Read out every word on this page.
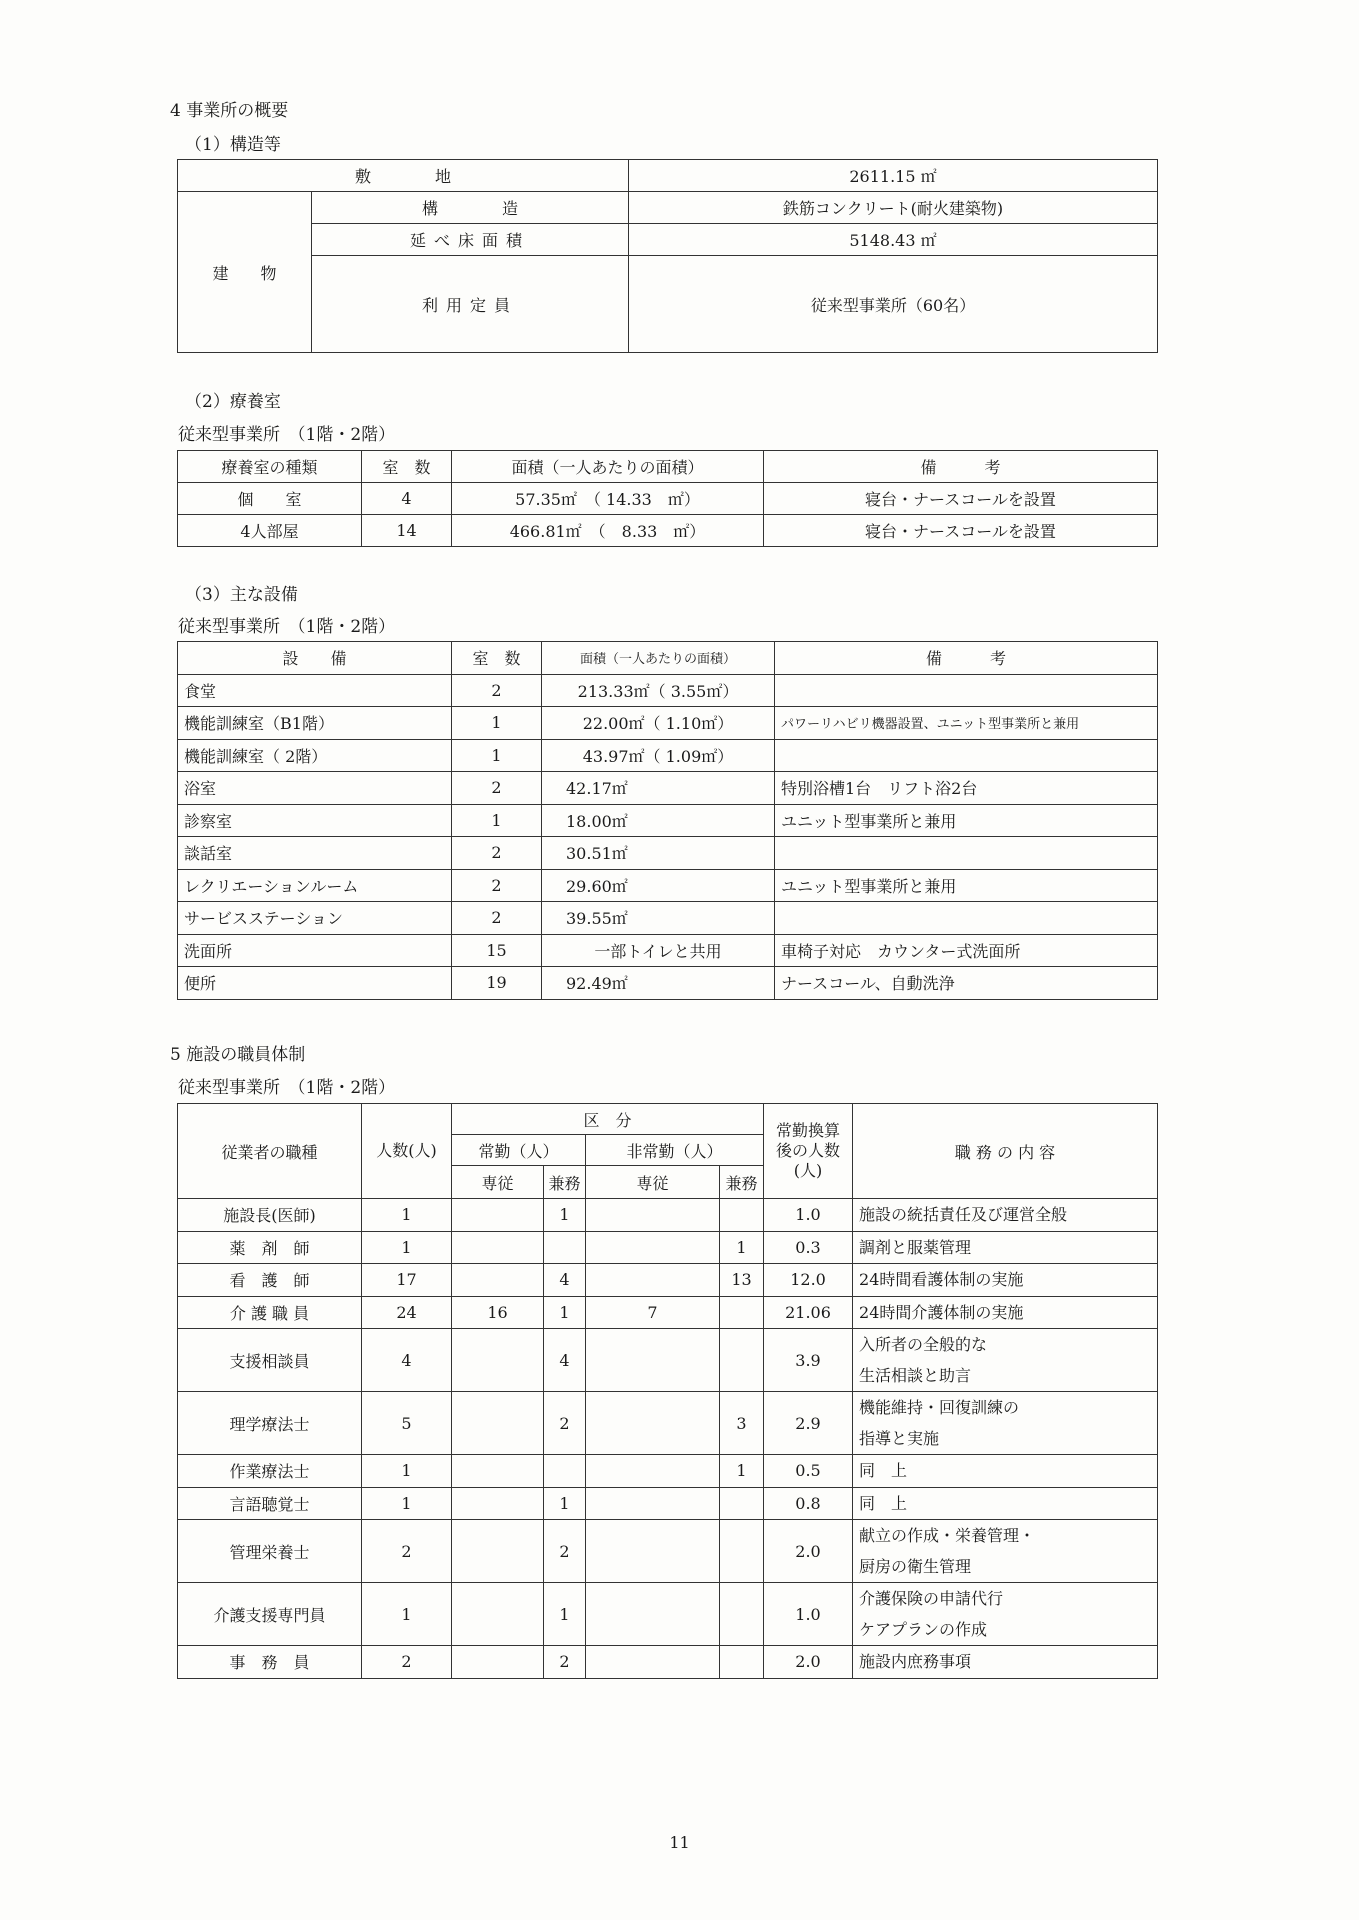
4 事業所の概要
（1）構造等
敷　　　　地		2611.15 ㎡
建　　物	構　　　　造	鉄筋コンクリート(耐火建築物)
	延べ床面積	5148.43 ㎡
	利用定員	従来型事業所（60名）
（2）療養室
従来型事業所　（1階・2階）
療養室の種類	室　数	面積（一人あたりの面積）	備　　　考
個　　室	4	57.35㎡　（ 14.33　㎡）	寝台・ナースコールを設置
4人部屋	14	466.81㎡　（　8.33　㎡）	寝台・ナースコールを設置
（3）主な設備
従来型事業所　（1階・2階）
設　　備	室　数	面積（一人あたりの面積）	備　　　考
食堂	2	213.33㎡（ 3.55㎡）	
機能訓練室（B1階）	1	22.00㎡（ 1.10㎡）	パワーリハビリ機器設置、ユニット型事業所と兼用
機能訓練室（ 2階）	1	43.97㎡（ 1.09㎡）	
浴室	2	42.17㎡	特別浴槽1台　リフト浴2台
診察室	1	18.00㎡	ユニット型事業所と兼用
談話室	2	30.51㎡	
レクリエーションルーム	2	29.60㎡	ユニット型事業所と兼用
サービスステーション	2	39.55㎡	
洗面所	15	一部トイレと共用	車椅子対応　カウンター式洗面所
便所	19	92.49㎡	ナースコール、自動洗浄
5 施設の職員体制
従来型事業所　（1階・2階）
従業者の職種	人数(人)	区　分				常勤換算後の人数(人)	職 務 の 内 容
		常勤（人）		非常勤（人）			
		専従	兼務	専従	兼務		
施設長(医師)	1		1			1.0	施設の統括責任及び運営全般

薬　剤　師	1				1	0.3	調剤と服薬管理

看　護　師	17		4		13	12.0	24時間看護体制の実施

介 護 職 員	24	16	1	7		21.06	24時間介護体制の実施

支援相談員	4		4			3.9	入所者の全般的な
生活相談と助言

理学療法士	5		2		3	2.9	機能維持・回復訓練の
指導と実施

作業療法士	1				1	0.5	同　上

言語聴覚士	1		1			0.8	同　上

管理栄養士	2		2			2.0	献立の作成・栄養管理・
厨房の衛生管理

介護支援専門員	1		1			1.0	介護保険の申請代行
ケアプランの作成

事　務　員	2		2			2.0	施設内庶務事項
11
